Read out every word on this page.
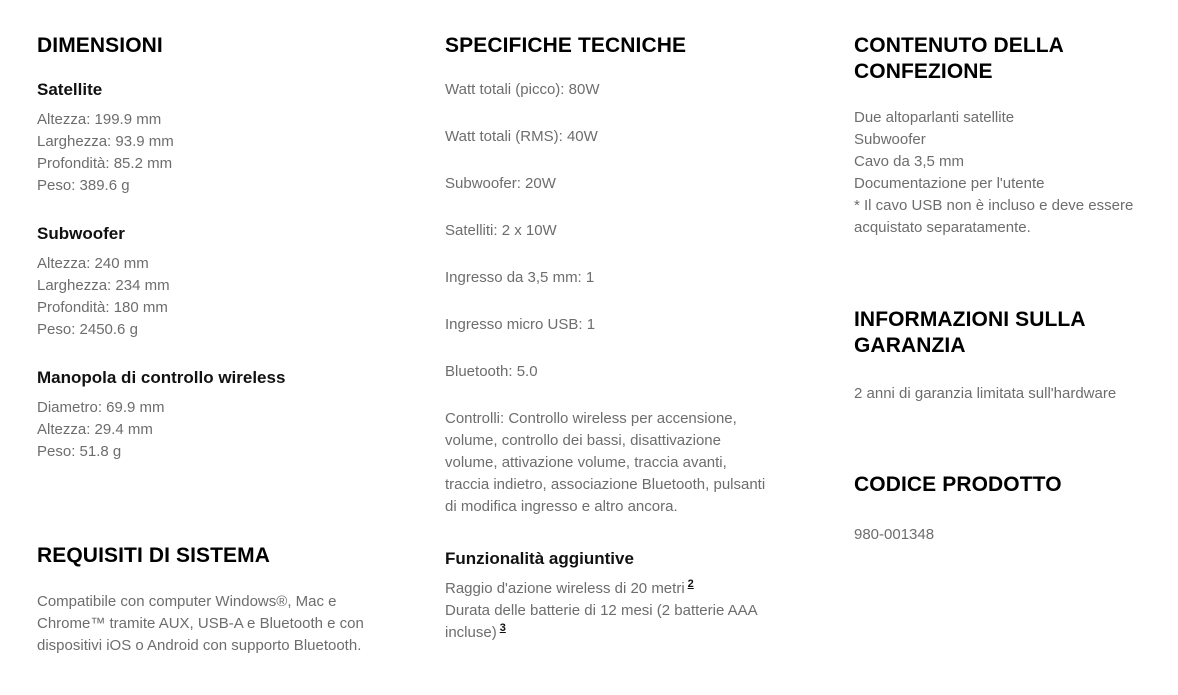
DIMENSIONI
Satellite
Altezza: 199.9 mm
Larghezza: 93.9 mm
Profondità: 85.2 mm
Peso: 389.6 g
Subwoofer
Altezza: 240 mm
Larghezza: 234 mm
Profondità: 180 mm
Peso: 2450.6 g
Manopola di controllo wireless
Diametro: 69.9 mm
Altezza: 29.4 mm
Peso: 51.8 g
REQUISITI DI SISTEMA
Compatibile con computer Windows®, Mac e
Chrome™ tramite AUX, USB-A e Bluetooth e con
dispositivi iOS o Android con supporto Bluetooth.
SPECIFICHE TECNICHE
Watt totali (picco): 80W
Watt totali (RMS): 40W
Subwoofer: 20W
Satelliti: 2 x 10W
Ingresso da 3,5 mm: 1
Ingresso micro USB: 1
Bluetooth: 5.0
Controlli: Controllo wireless per accensione,
volume, controllo dei bassi, disattivazione
volume, attivazione volume, traccia avanti,
traccia indietro, associazione Bluetooth, pulsanti
di modifica ingresso e altro ancora.
Funzionalità aggiuntive
Raggio d'azione wireless di 20 metri $^2$
Durata delle batterie di 12 mesi (2 batterie AAA
incluse) $^3$
CONTENUTO DELLA
CONFEZIONE
Due altoparlanti satellite
Subwoofer
Cavo da 3,5 mm
Documentazione per l'utente
* Il cavo USB non è incluso e deve essere
acquistato separatamente.
INFORMAZIONI SULLA
GARANZIA
2 anni di garanzia limitata sull'hardware
CODICE PRODOTTO
980-001348
